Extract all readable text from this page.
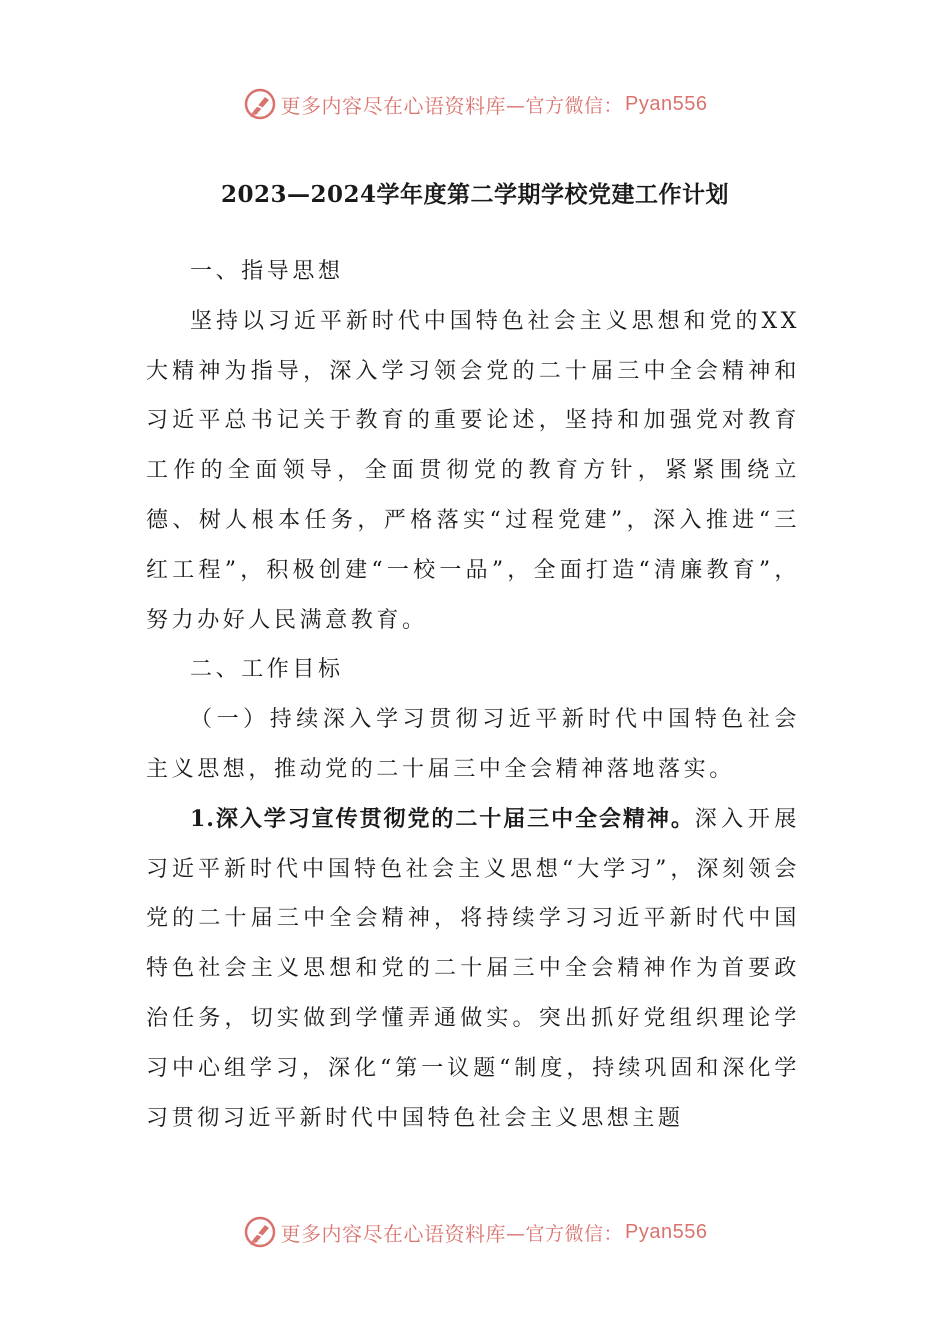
更多内容尽在心语资料库 —官方微信： Pyan556
2023—2024学年度第二学期学校党建工作计划

一、指导思想

坚持以习近平新时代中国特色社会主义思想和党的XX大精神为指导，深入学习领会党的二十届三中全会精神和习近平总书记关于教育的重要论述，坚持和加强党对教育工作的全面领导，全面贯彻党的教育方针，紧紧围绕立德、树人根本任务，严格落实“过程党建”，深入推进“三红工程”，积极创建“一校一品”，全面打造“清廉教育”，努力办好人民满意教育。

二、工作目标

（一）持续深入学习贯彻习近平新时代中国特色社会主义思想，推动党的二十届三中全会精神落地落实。

1.深入学习宣传贯彻党的二十届三中全会精神。深入开展习近平新时代中国特色社会主义思想“大学习”，深刻领会党的二十届三中全会精神，将持续学习习近平新时代中国特色社会主义思想和党的二十届三中全会精神作为首要政治任务，切实做到学懂弄通做实。突出抓好党组织理论学习中心组学习，深化“第一议题“制度，持续巩固和深化学习贯彻习近平新时代中国特色社会主义思想主题

更多内容尽在心语资料库 —官方微信： Pyan556
